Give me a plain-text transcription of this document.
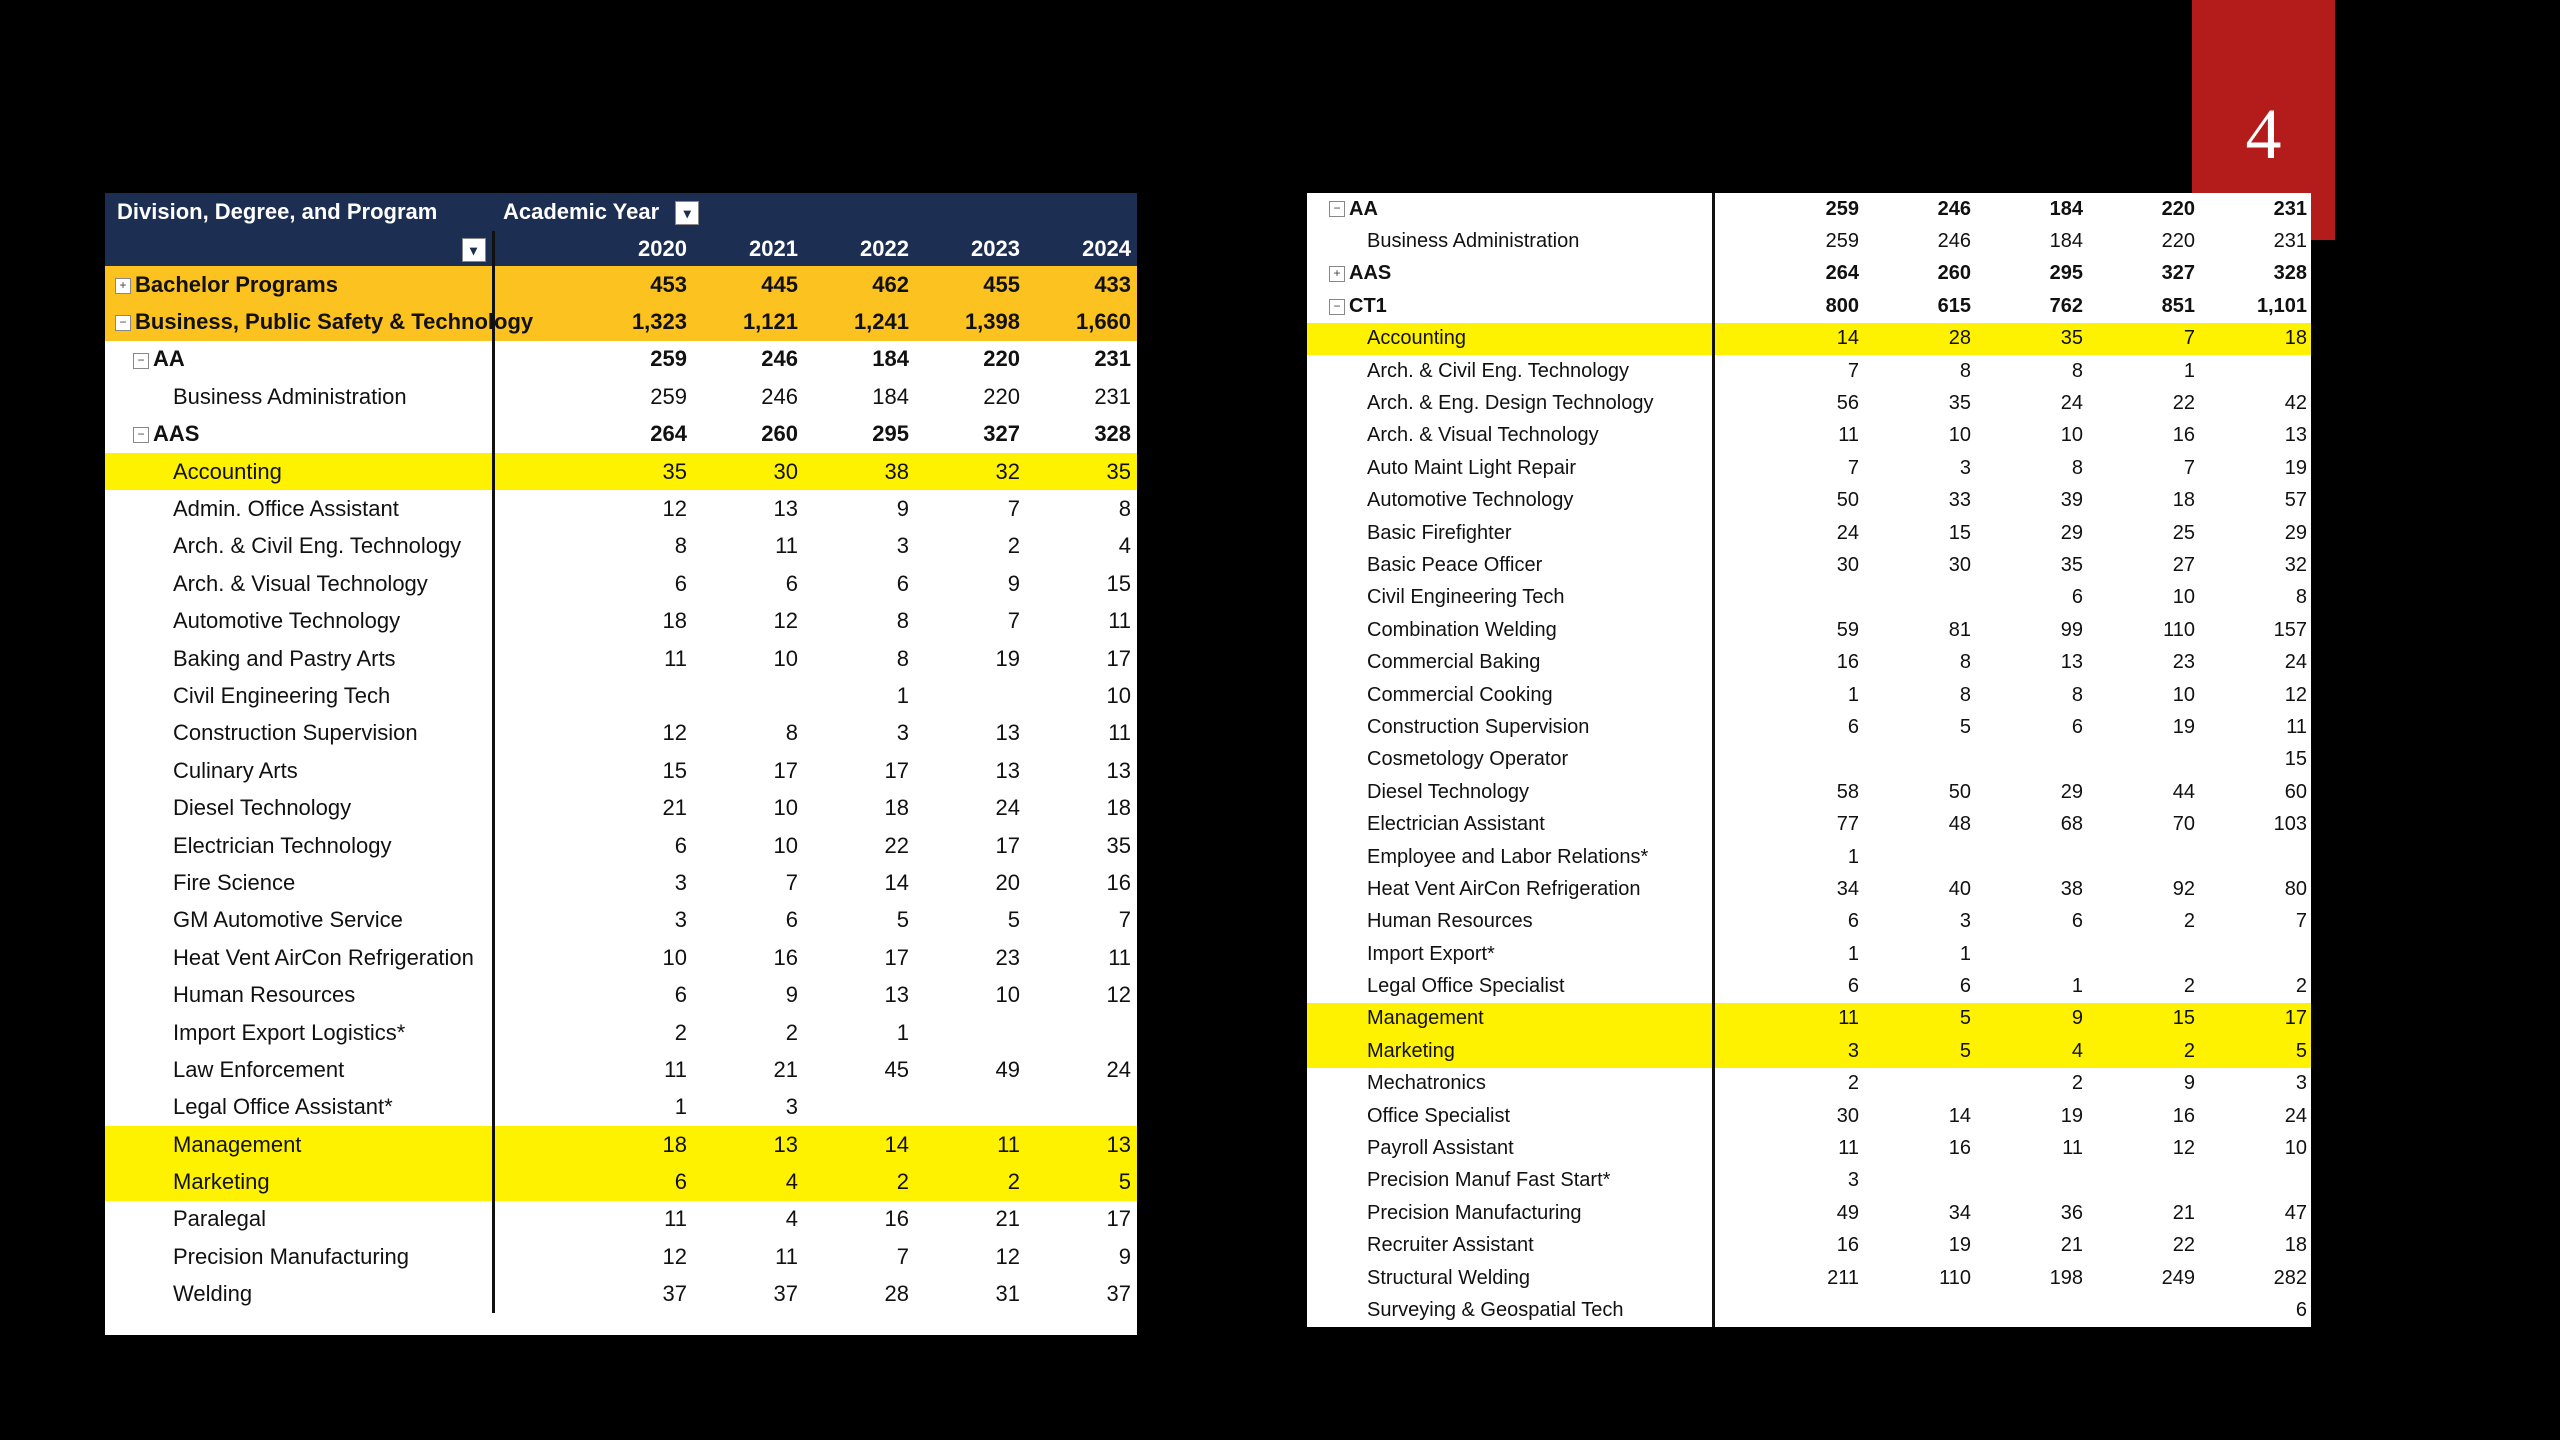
4
Division, Degree, and Program	Academic Year ▾				
▾	2020	2021	2022	2023	2024
+ Bachelor Programs	453	445	462	455	433
− Business, Public Safety & Technology	1,323	1,121	1,241	1,398	1,660
− AA	259	246	184	220	231
Business Administration	259	246	184	220	231
− AAS	264	260	295	327	328
Accounting	35	30	38	32	35
Admin. Office Assistant	12	13	9	7	8
Arch. & Civil Eng. Technology	8	11	3	2	4
Arch. & Visual Technology	6	6	6	9	15
Automotive Technology	18	12	8	7	11
Baking and Pastry Arts	11	10	8	19	17
Civil Engineering Tech			1		10
Construction Supervision	12	8	3	13	11
Culinary Arts	15	17	17	13	13
Diesel Technology	21	10	18	24	18
Electrician Technology	6	10	22	17	35
Fire Science	3	7	14	20	16
GM Automotive Service	3	6	5	5	7
Heat Vent AirCon Refrigeration	10	16	17	23	11
Human Resources	6	9	13	10	12
Import Export Logistics*	2	2	1		
Law Enforcement	11	21	45	49	24
Legal Office Assistant*	1	3			
Management	18	13	14	11	13
Marketing	6	4	2	2	5
Paralegal	11	4	16	21	17
Precision Manufacturing	12	11	7	12	9
Welding	37	37	28	31	37
− AA	259	246	184	220	231
Business Administration	259	246	184	220	231
+ AAS	264	260	295	327	328
− CT1	800	615	762	851	1,101
Accounting	14	28	35	7	18
Arch. & Civil Eng. Technology	7	8	8	1	
Arch. & Eng. Design Technology	56	35	24	22	42
Arch. & Visual Technology	11	10	10	16	13
Auto Maint Light Repair	7	3	8	7	19
Automotive Technology	50	33	39	18	57
Basic Firefighter	24	15	29	25	29
Basic Peace Officer	30	30	35	27	32
Civil Engineering Tech			6	10	8
Combination Welding	59	81	99	110	157
Commercial Baking	16	8	13	23	24
Commercial Cooking	1	8	8	10	12
Construction Supervision	6	5	6	19	11
Cosmetology Operator					15
Diesel Technology	58	50	29	44	60
Electrician Assistant	77	48	68	70	103
Employee and Labor Relations*	1				
Heat Vent AirCon Refrigeration	34	40	38	92	80
Human Resources	6	3	6	2	7
Import Export*	1	1			
Legal Office Specialist	6	6	1	2	2
Management	11	5	9	15	17
Marketing	3	5	4	2	5
Mechatronics	2		2	9	3
Office Specialist	30	14	19	16	24
Payroll Assistant	11	16	11	12	10
Precision Manuf Fast Start*	3				
Precision Manufacturing	49	34	36	21	47
Recruiter Assistant	16	19	21	22	18
Structural Welding	211	110	198	249	282
Surveying & Geospatial Tech					6
